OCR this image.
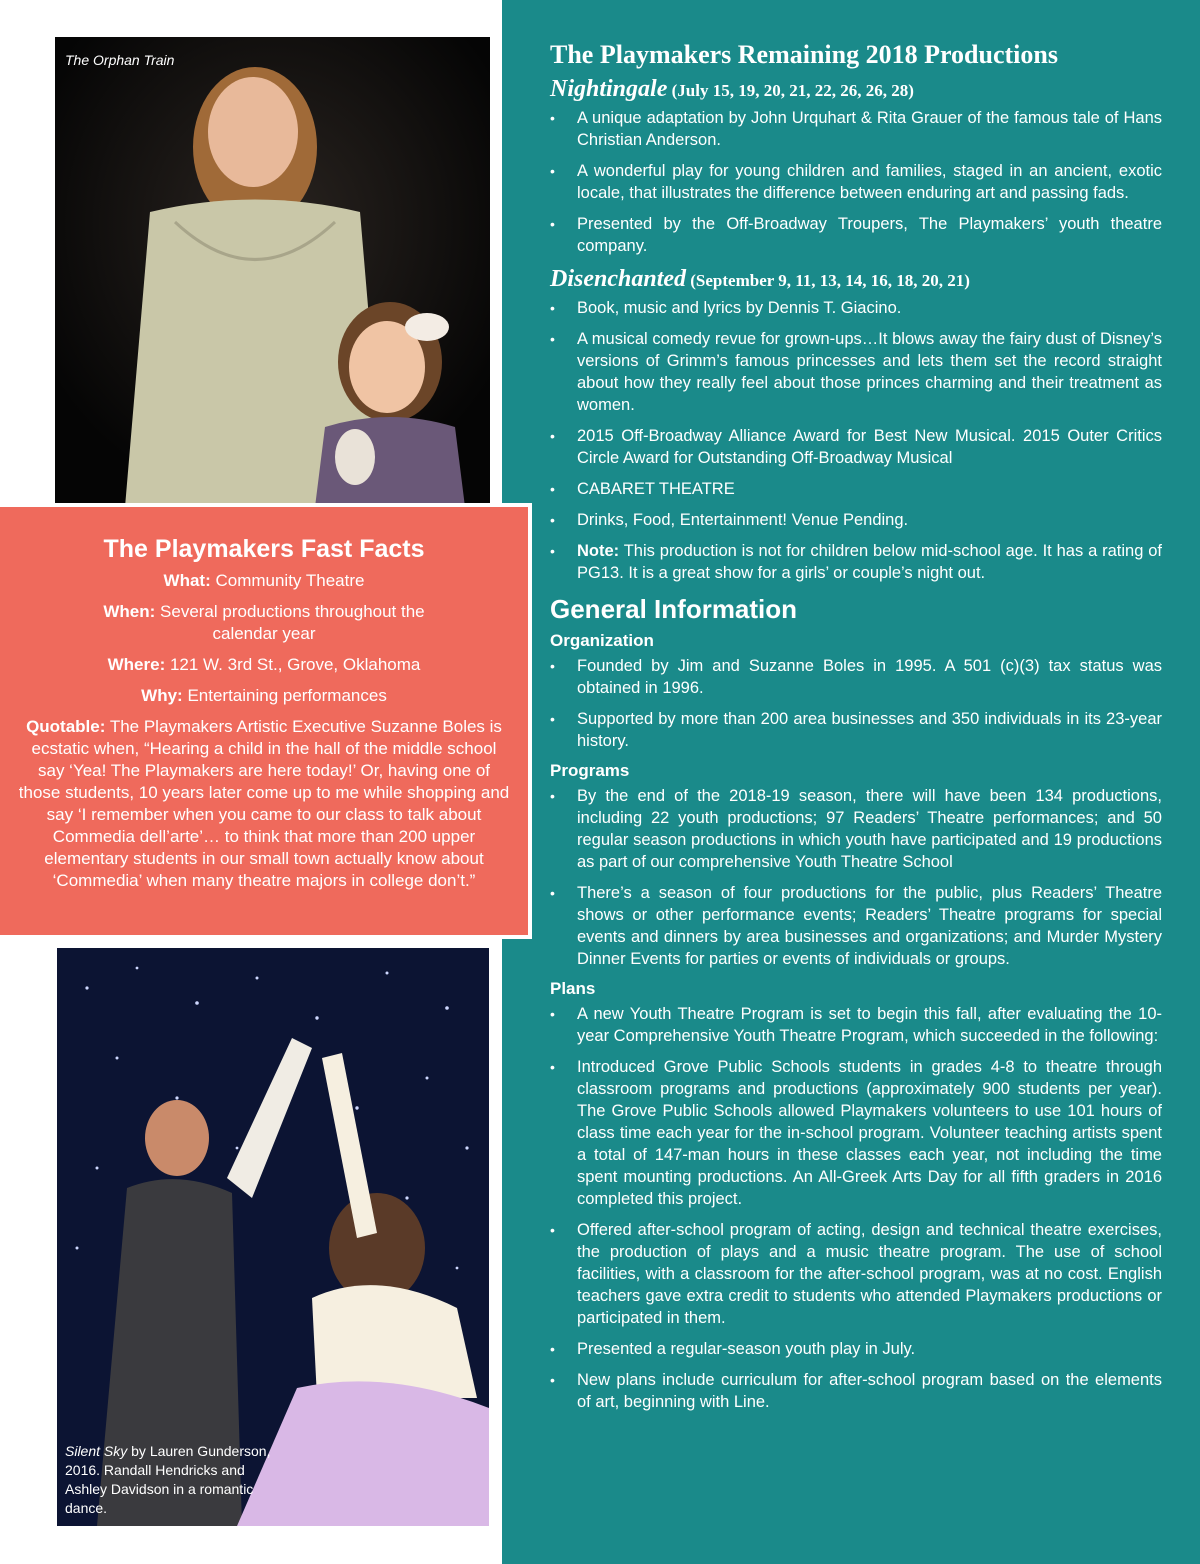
The Orphan Train
Silent Sky by Lauren Gunderson, 2016. Randall Hendricks and Ashley Davidson in a romantic dance.
The Playmakers Fast Facts

What: Community Theatre

When: Several productions throughout the calendar year

Where: 121 W. 3rd St., Grove, Oklahoma

Why: Entertaining performances

Quotable: The Playmakers Artistic Executive Suzanne Boles is ecstatic when, “Hearing a child in the hall of the middle school say ‘Yea! The Playmakers are here today!’ Or, having one of those students, 10 years later come up to me while shopping and say ‘I remember when you came to our class to talk about Commedia dell’arte’… to think that more than 200 upper elementary students in our small town actually know about ‘Commedia’ when many theatre majors in college don’t.”

The Playmakers Remaining 2018 Productions
Nightingale (July 15, 19, 20, 21, 22, 26, 26, 28)
• A unique adaptation by John Urquhart & Rita Grauer of the famous tale of Hans Christian Anderson.
• A wonderful play for young children and families, staged in an ancient, exotic locale, that illustrates the difference between enduring art and passing fads.
• Presented by the Off-Broadway Troupers, The Playmakers’ youth theatre company.
Disenchanted (September 9, 11, 13, 14, 16, 18, 20, 21)
• Book, music and lyrics by Dennis T. Giacino.
• A musical comedy revue for grown-ups…It blows away the fairy dust of Disney’s versions of Grimm’s famous princesses and lets them set the record straight about how they really feel about those princes charming and their treatment as women.
• 2015 Off-Broadway Alliance Award for Best New Musical. 2015 Outer Critics Circle Award for Outstanding Off-Broadway Musical
• CABARET THEATRE
• Drinks, Food, Entertainment! Venue Pending.
• Note: This production is not for children below mid-school age. It has a rating of PG13. It is a great show for a girls’ or couple’s night out.
General Information
Organization
• Founded by Jim and Suzanne Boles in 1995. A 501 (c)(3) tax status was obtained in 1996.
• Supported by more than 200 area businesses and 350 individuals in its 23-year history.
Programs
• By the end of the 2018-19 season, there will have been 134 productions, including 22 youth productions; 97 Readers’ Theatre performances; and 50 regular season productions in which youth have participated and 19 productions as part of our comprehensive Youth Theatre School
• There’s a season of four productions for the public, plus Readers’ Theatre shows or other performance events; Readers’ Theatre programs for special events and dinners by area businesses and organizations; and Murder Mystery Dinner Events for parties or events of individuals or groups.
Plans
• A new Youth Theatre Program is set to begin this fall, after evaluating the 10-year Comprehensive Youth Theatre Program, which succeeded in the following:
• Introduced Grove Public Schools students in grades 4-8 to theatre through classroom programs and productions (approximately 900 students per year). The Grove Public Schools allowed Playmakers volunteers to use 101 hours of class time each year for the in-school program. Volunteer teaching artists spent a total of 147-man hours in these classes each year, not including the time spent mounting productions. An All-Greek Arts Day for all fifth graders in 2016 completed this project.
• Offered after-school program of acting, design and technical theatre exercises, the production of plays and a music theatre program. The use of school facilities, with a classroom for the after-school program, was at no cost. English teachers gave extra credit to students who attended Playmakers productions or participated in them.
• Presented a regular-season youth play in July.
• New plans include curriculum for after-school program based on the elements of art, beginning with Line.
